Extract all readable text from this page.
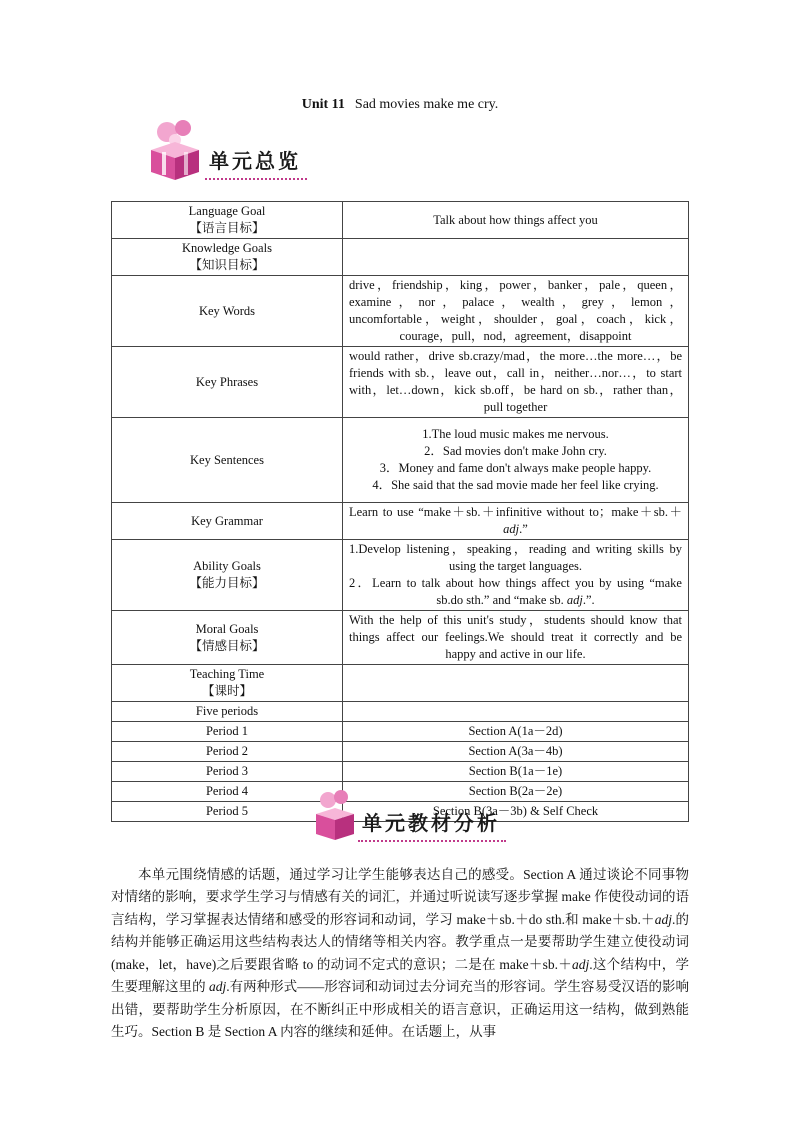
Unit 11 Sad movies make me cry.
单元总览
Language Goal
【语言目标】	Talk about how things affect you
Knowledge Goals
【知识目标】	
Key Words	drive，friendship，king，power，banker，pale，queen，examine，nor，palace，wealth，grey，lemon，uncomfortable，weight，shoulder，goal，coach，kick，courage，pull，nod，agreement，disappoint
Key Phrases	would rather，drive sb.crazy/mad，the more…the more…，be friends with sb.，leave out，call in，neither…nor…，to start with，let…down，kick sb.off，be hard on sb.，rather than，pull together
Key Sentences	1.The loud music makes me nervous.
2．Sad movies don't make John cry.
3．Money and fame don't always make people happy.
4．She said that the sad movie made her feel like crying.
Key Grammar	Learn to use “make＋sb.＋infinitive without to；make＋sb.＋adj.”
Ability Goals
【能力目标】	1.Develop listening，speaking，reading and writing skills by using the target languages.
2．Learn to talk about how things affect you by using “make sb.do sth.” and “make sb. adj.”.
Moral Goals
【情感目标】	With the help of this unit's study，students should know that things affect our feelings.We should treat it correctly and be happy and active in our life.
Teaching Time
【课时】	
Five periods	
Period 1	Section A(1a－2d)
Period 2	Section A(3a－4b)
Period 3	Section B(1a－1e)
Period 4	Section B(2a－2e)
Period 5	Section B(3a－3b) & Self Check
单元教材分析

本单元围绕情感的话题，通过学习让学生能够表达自己的感受。Section A 通过谈论不同事物对情绪的影响，要求学生学习与情感有关的词汇，并通过听说读写逐步掌握 make 作使役动词的语言结构，学习掌握表达情绪和感受的形容词和动词，学习 make＋sb.＋do sth.和 make＋sb.＋adj.的结构并能够正确运用这些结构表达人的情绪等相关内容。教学重点一是要帮助学生建立使役动词(make，let，have)之后要跟省略 to 的动词不定式的意识；二是在 make＋sb.＋adj.这个结构中，学生要理解这里的 adj.有两种形式——形容词和动词过去分词充当的形容词。学生容易受汉语的影响出错，要帮助学生分析原因，在不断纠正中形成相关的语言意识，正确运用这一结构，做到熟能生巧。Section B 是 Section A 内容的继续和延伸。在话题上，从事
